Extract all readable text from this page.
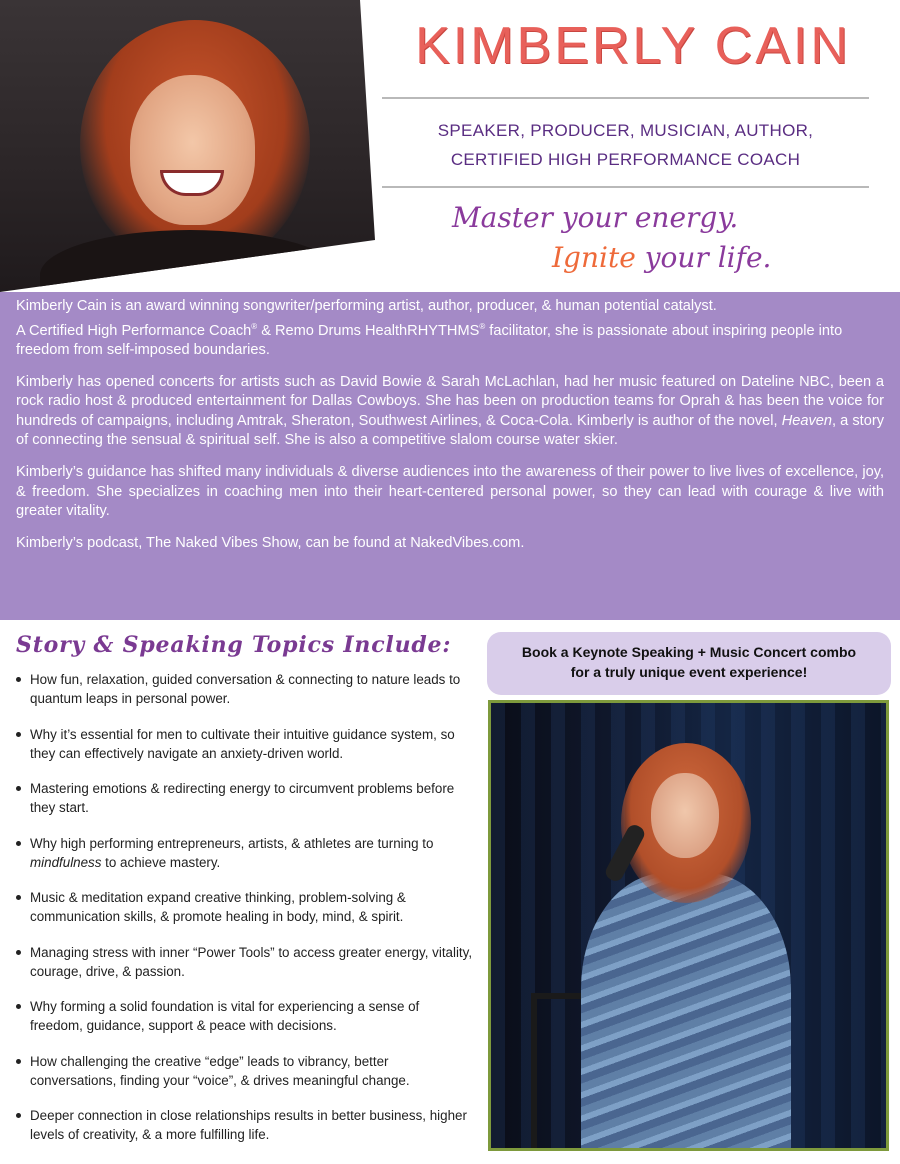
KIMBERLY CAIN
SPEAKER, PRODUCER, MUSICIAN, AUTHOR,
CERTIFIED HIGH PERFORMANCE COACH
Master your energy.
Ignite your life.

Kimberly Cain is an award winning songwriter/performing artist, author, producer, & human potential catalyst.
A Certified High Performance Coach® & Remo Drums HealthRHYTHMS® facilitator, she is passionate about inspiring people into freedom from self-imposed boundaries.

Kimberly has opened concerts for artists such as David Bowie & Sarah McLachlan, had her music featured on Dateline NBC, been a rock radio host & produced entertainment for Dallas Cowboys. She has been on production teams for Oprah & has been the voice for hundreds of campaigns, including Amtrak, Sheraton, Southwest Airlines, & Coca-Cola. Kimberly is author of the novel, Heaven, a story of connecting the sensual & spiritual self. She is also a competitive slalom course water skier.

Kimberly’s guidance has shifted many individuals & diverse audiences into the awareness of their power to live lives of excellence, joy, & freedom. She specializes in coaching men into their heart-centered personal power, so they can lead with courage & live with greater vitality.

Kimberly’s podcast, The Naked Vibes Show, can be found at NakedVibes.com.

Story & Speaking Topics Include:
How fun, relaxation, guided conversation & connecting to nature leads to quantum leaps in personal power.
Why it’s essential for men to cultivate their intuitive guidance system, so they can effectively navigate an anxiety-driven world.
Mastering emotions & redirecting energy to circumvent problems before they start.
Why high performing entrepreneurs, artists, & athletes are turning to mindfulness to achieve mastery.
Music & meditation expand creative thinking, problem-solving & communication skills, & promote healing in body, mind, & spirit.
Managing stress with inner “Power Tools” to access greater energy, vitality, courage, drive, & passion.
Why forming a solid foundation is vital for experiencing a sense of freedom, guidance, support & peace with decisions.
How challenging the creative “edge” leads to vibrancy, better conversations, finding your “voice”, & drives meaningful change.
Deeper connection in close relationships results in better business, higher levels of creativity, & a more fulfilling life.
Book a Keynote Speaking + Music Concert combo
for a truly unique event experience!
